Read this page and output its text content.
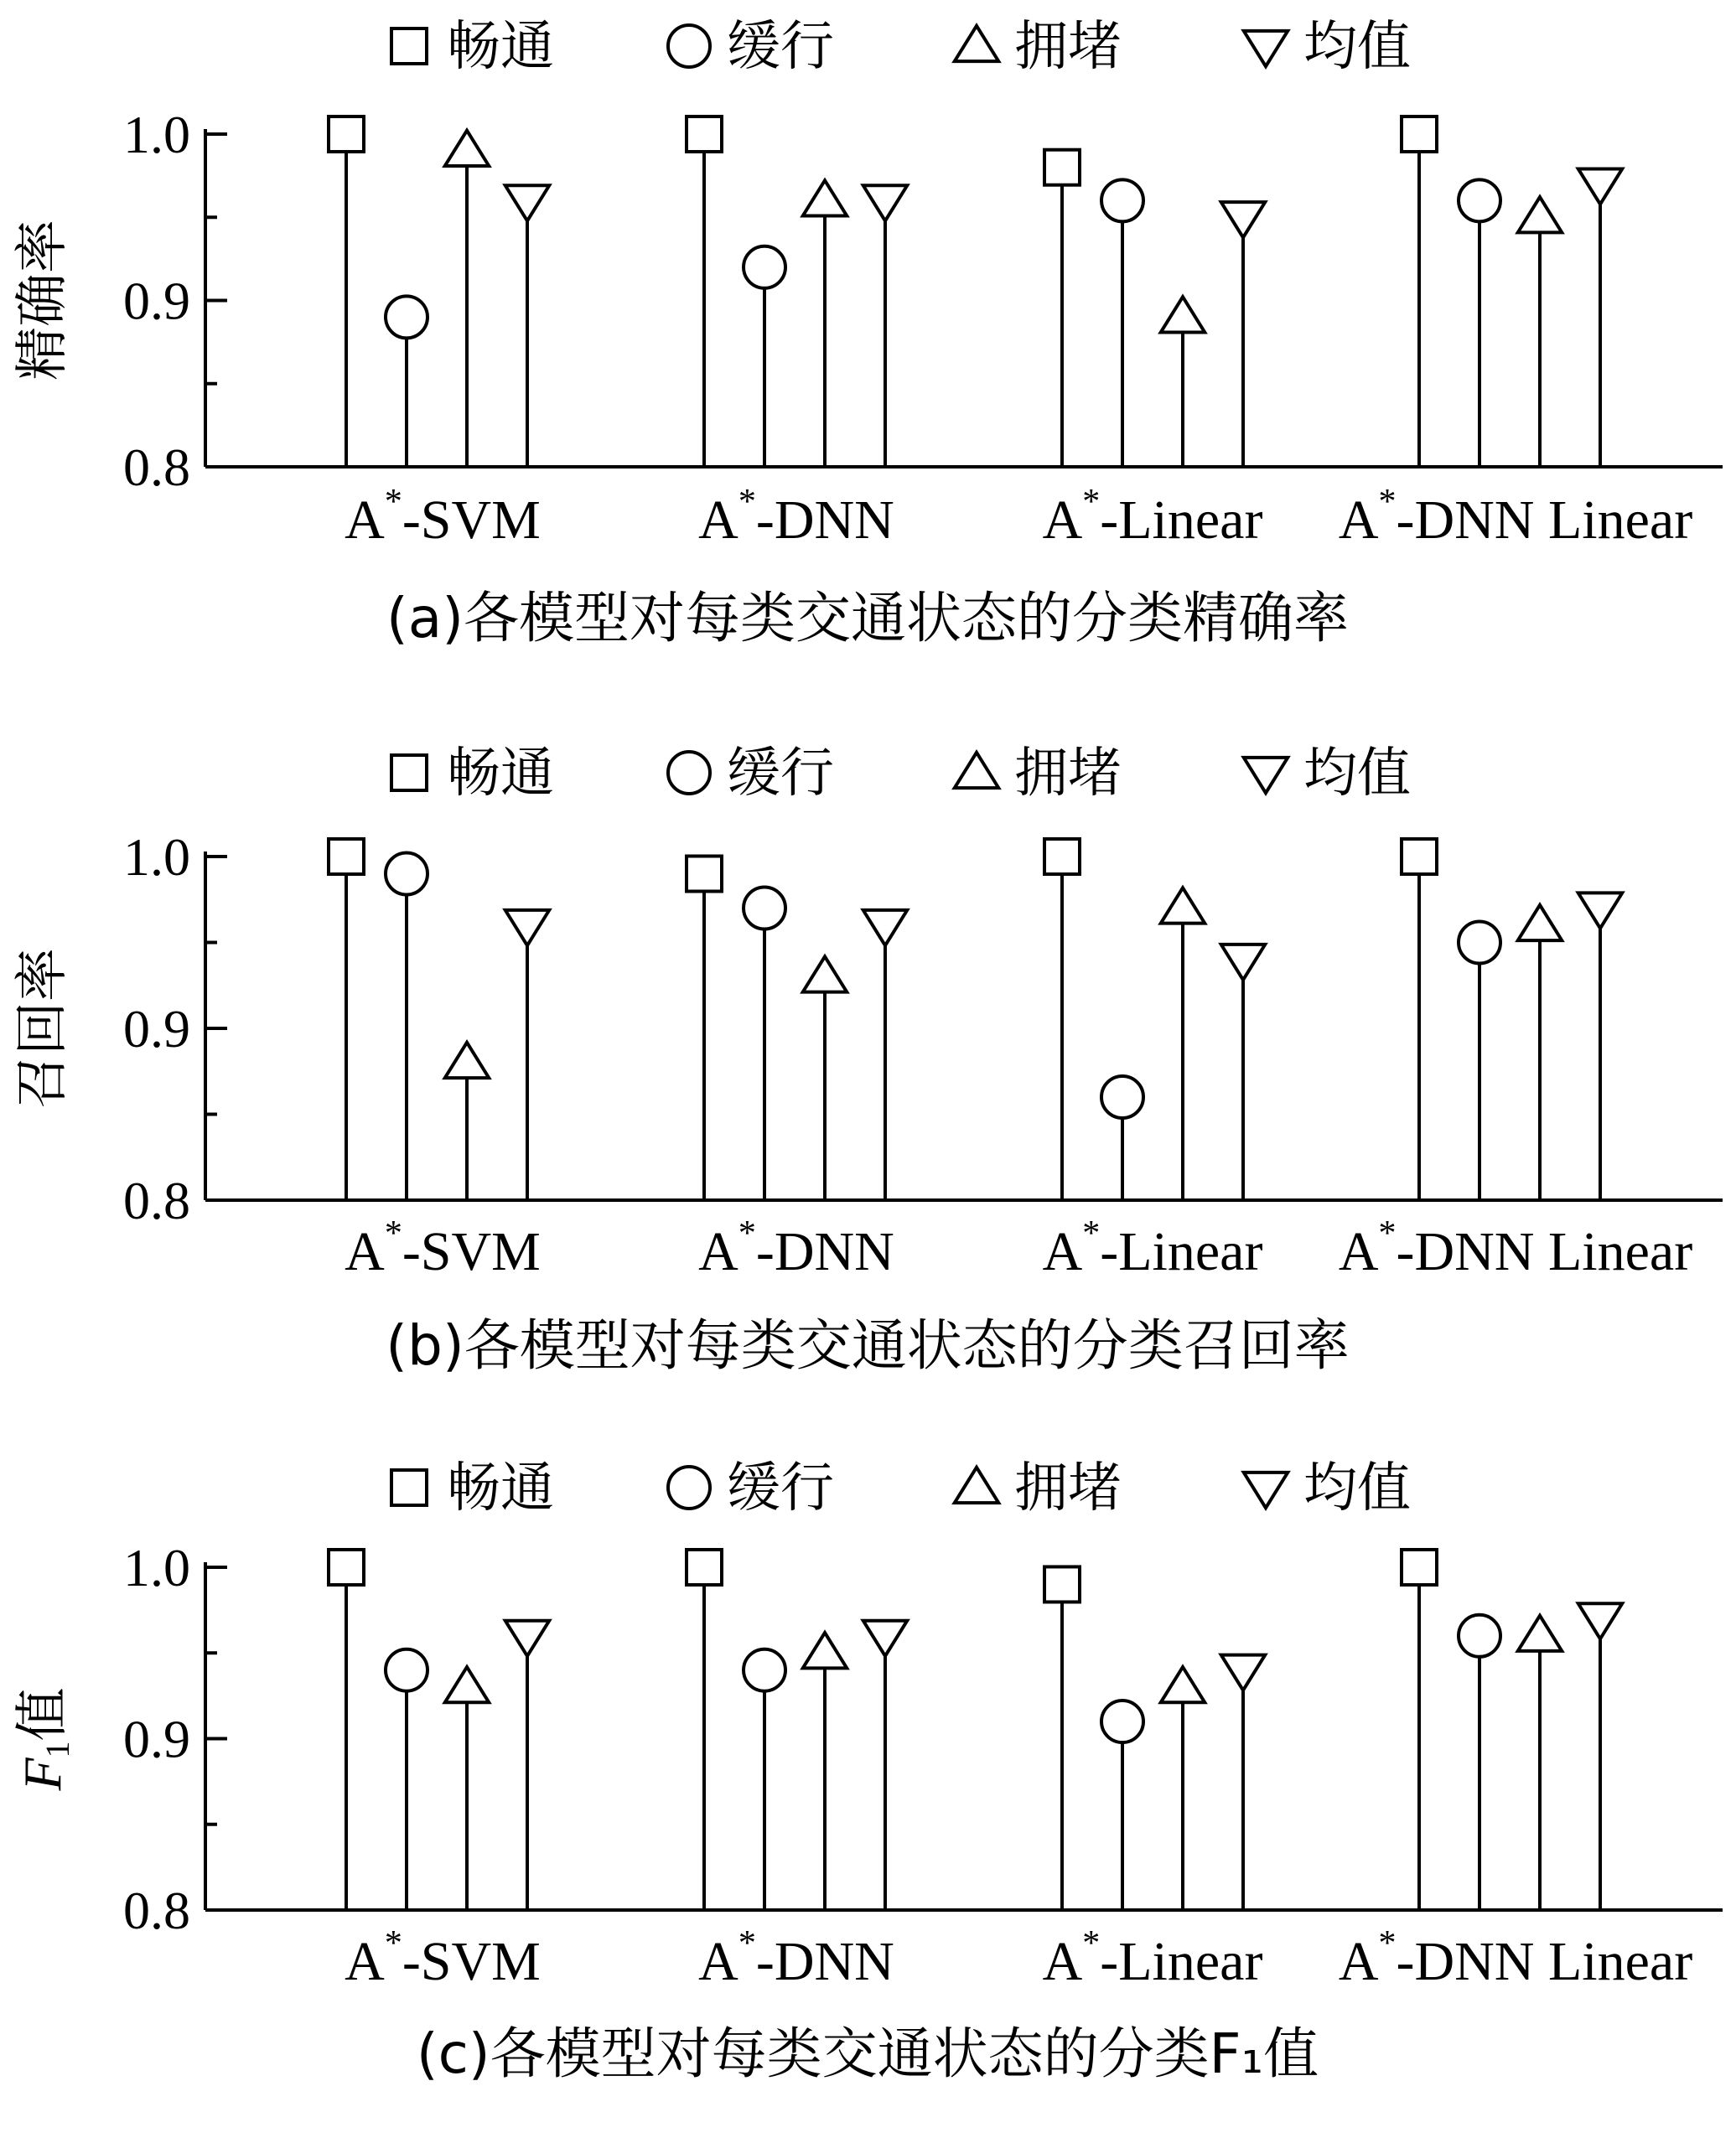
畅通	缓行	拥堵	均值
0.8
0.9
1.0
精确率
A*-SVM	A*-DNN	A*-Linear A*-DNN Linear
(a)各模型对每类交通状态的分类精确率
畅通	缓行	拥堵	均值
0.8
0.9
1.0
召回率
A*-SVM	A*-DNN	A*-Linear A*-DNN Linear
(b)各模型对每类交通状态的分类召回率
畅通	缓行	拥堵	均值
0.8
0.9
1.0
F1值
A*-SVM	A*-DNN	A*-Linear A*-DNN Linear
(c)各模型对每类交通状态的分类F₁值
